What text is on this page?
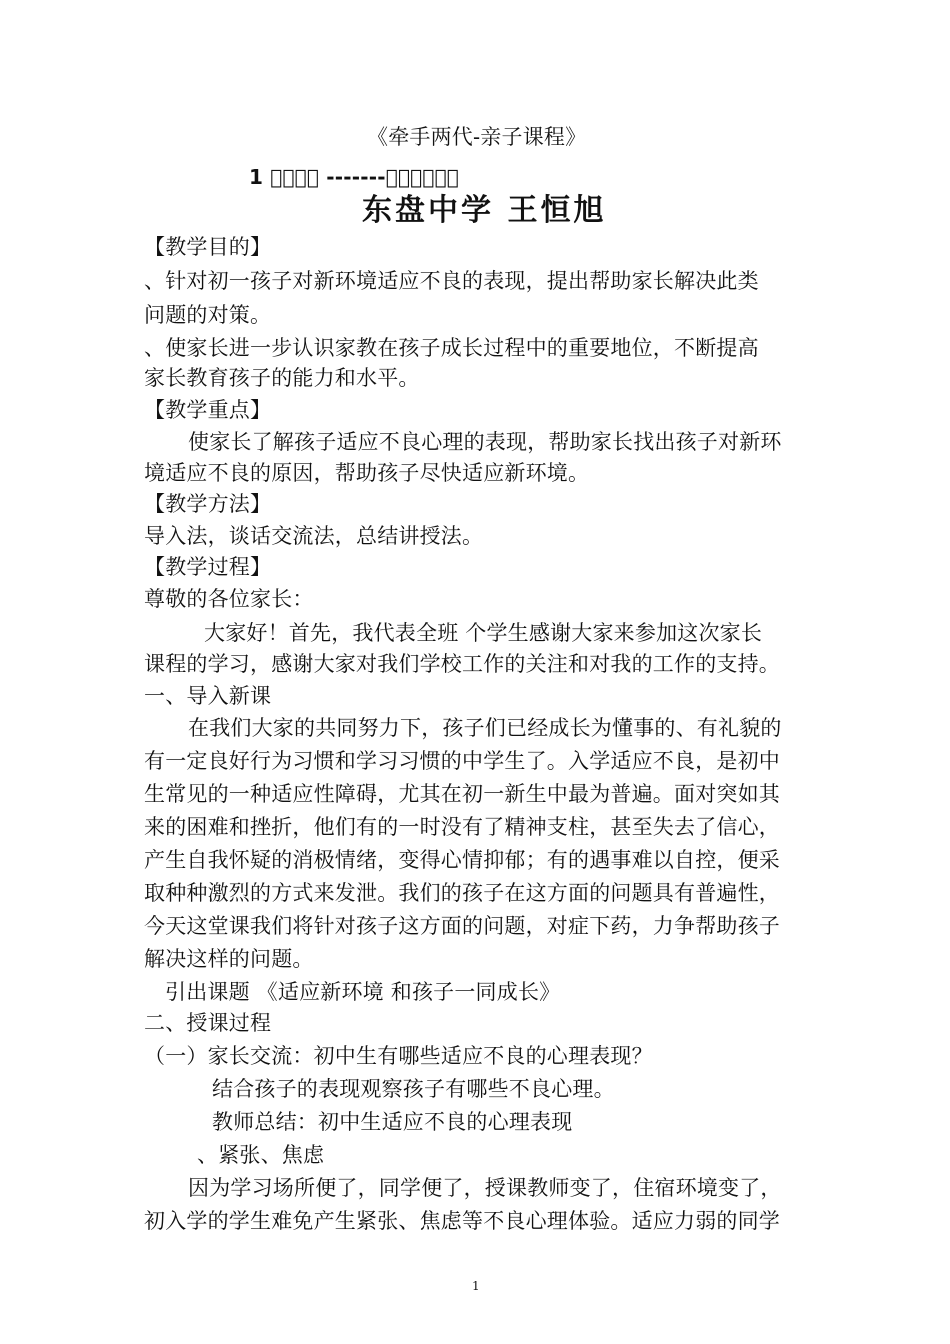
《牵手两代-亲子课程》
1 􀀀􀀀􀀀􀀀 -------􀀀􀀀􀀀􀀀􀀀􀀀
东盘中学 王恒旭
【教学目的】
、针对初一孩子对新环境适应不良的表现，提出帮助家长解决此类
问题的对策。
、使家长进一步认识家教在孩子成长过程中的重要地位，不断提高
家长教育孩子的能力和水平。
【教学重点】
使家长了解孩子适应不良心理的表现，帮助家长找出孩子对新环
境适应不良的原因，帮助孩子尽快适应新环境。
【教学方法】
导入法，谈话交流法，总结讲授法。
【教学过程】
尊敬的各位家长：
大家好！首先，我代表全班 个学生感谢大家来参加这次家长
课程的学习，感谢大家对我们学校工作的关注和对我的工作的支持。
一、导入新课
在我们大家的共同努力下，孩子们已经成长为懂事的、有礼貌的
有一定良好行为习惯和学习习惯的中学生了。入学适应不良，是初中
生常见的一种适应性障碍，尤其在初一新生中最为普遍。面对突如其
来的困难和挫折，他们有的一时没有了精神支柱，甚至失去了信心，
产生自我怀疑的消极情绪，变得心情抑郁；有的遇事难以自控，便采
取种种激烈的方式来发泄。我们的孩子在这方面的问题具有普遍性，
今天这堂课我们将针对孩子这方面的问题，对症下药，力争帮助孩子
解决这样的问题。
引出课题 《适应新环境 和孩子一同成长》
二、授课过程
（一）家长交流：初中生有哪些适应不良的心理表现？
结合孩子的表现观察孩子有哪些不良心理。
教师总结：初中生适应不良的心理表现
、紧张、焦虑
因为学习场所便了，同学便了，授课教师变了，住宿环境变了，
初入学的学生难免产生紧张、焦虑等不良心理体验。适应力弱的同学
1
